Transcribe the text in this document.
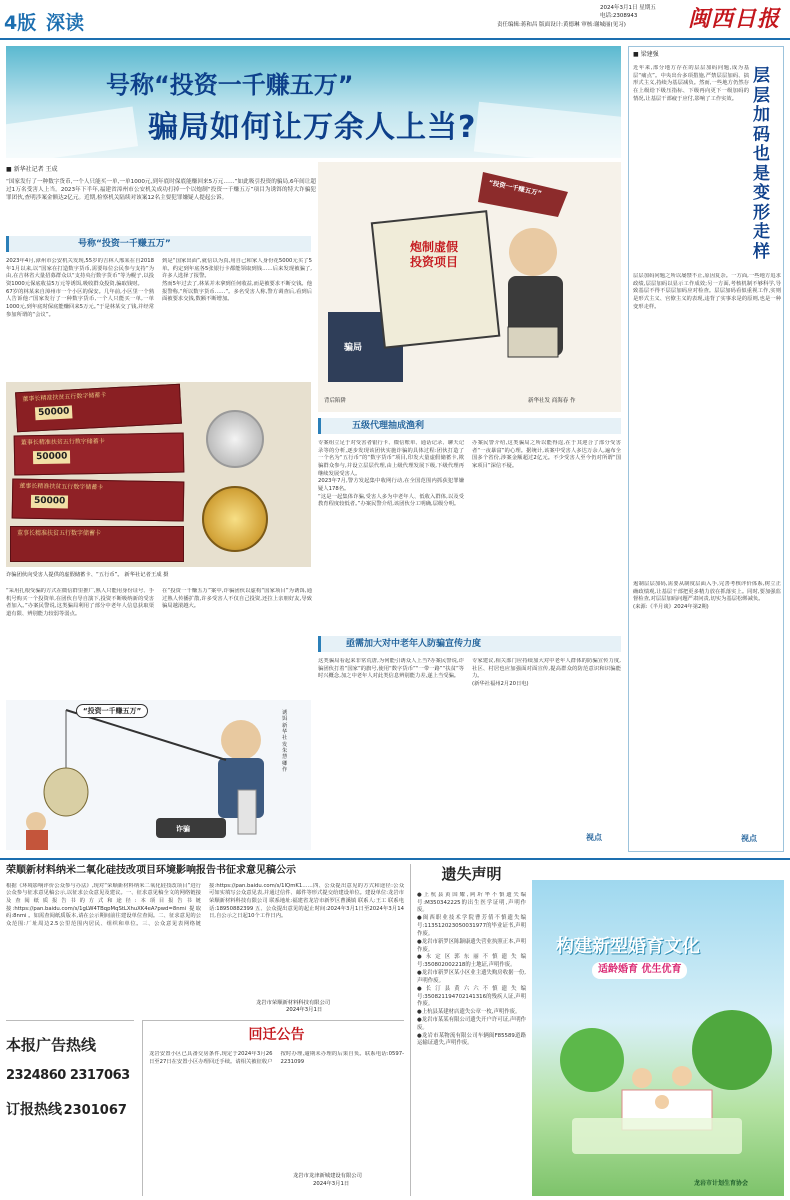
4版 深读
2024年3月1日 星期五
电话:2308943
责任编辑:蒋和昌 版面设计:黄德琳 审核:谢城丽(见习)	闽西日报
号称“投资一千赚五万”
骗局如何让万余人上当?
■ 新华社记者 王成
“国家发行了一种数字货币,一个人只能买一单,一单1000元,到年底时保底能赚回来5万元……”如此吸引投资的骗局,6年间让超过1万名受害人上当。2023年下半年,福建省漳州市公安机关成功打掉一个以炮制“投资一千赚五万”项目为诱饵的特大诈骗犯罪团伙,查明涉案金额达2亿元。近期,检察机关陆续对该案12名主要犯罪嫌疑人提起公诉。
号称“投资一千赚五万”

2023年4月,漳州市公安机关发现,55岁的吉林人邢某在自2018年1月以来,以“国家在打造数字货币,需要每位公民参与支持”为由,在吉林省大量招募群众以“支持央行数字货币”等为幌子,以投资1000元保底收益5万元等诱饵,吸收群众投资,骗取钱财。

67岁的林某来自漳州市一个小区的保安。几年前,小区里一个熟人告诉他:“国家发行了一种数字货币,一个人只能买一单,一单1000元,到年底时保底能赚回来5万元。”于是林某交了钱,并经常参加所谓的“会议”。

到是“国家出面”,就信以为真,用自己和家人身份花5000元买了5单。约定到年底各5张银行卡都能领取到钱……后来发现被骗了,许多人选择了报警。

然而5年过去了,林某并未拿到任何收益,而是被要求不断交钱。他报警称,“所以数字货币……”。多名受害人称,警方调查后,看到后面被要求交钱,数额不断增加。

董事长精准扶贫五行数字储蓄卡
50000
董事长精准扶贫五行数字储蓄卡
50000
董事长精准扶贫五行数字储蓄卡
50000
董事长精准扶贫五行数字储蓄卡
诈骗团伙向受害人提供的虚假储蓄卡、“五行币”。 新华社记者王成 摄

“采用扎根受骗的方式在微信群里推广,熟人只能用身份证号、手机号购买一个投资单,在团伙自导自演下,投资不断吸纳新的受害者加入。”办案民警说,这类骗局利用了部分中老年人信息获取渠道有限、辨别能力较弱等弱点。

在“投资一千赚五万”案中,诈骗团伙以虚构“国家项目”为诱饵,通过熟人传播扩散,许多受害人不仅自己投资,还拉上亲朋好友,导致骗局越滚越大。

“投资一千赚五万”
诈骗
诱饵 新华社发 朱慧卿 作
“投资一千赚五万”
炮制虚假投资项目
骗局
背后陷阱	新华社发 商海春 作
五级代理抽成渔利

专案组立足于对受害者银行卡、微信账单、通话记录、聊天记录等的分析,逐步发现该团伙实施诈骗的具体过程:团伙打造了一个名为“五行币”的“数字货币”项目,印发大量虚假储蓄卡,欺骗群众参与,并设立层层代理,由上级代理发展下级,下级代理再继续发展受害人。

2023年7月,警方发起集中收网行动,在全国范围内抓获犯罪嫌疑人178名。

“这是一起集体诈骗,受害人多为中老年人、低收入群体,以及受教育程度较低者。”办案民警介绍,该团伙分工明确,层级分明。

办案民警介绍,这类骗局之所以能得逞,在于其迎合了部分受害者“一夜暴富”的心理。据统计,该案中受害人多达万余人,遍布全国多个省份,涉案金额超过2亿元。不少受害人至今仍对所谓“国家项目”深信不疑。

亟需加大对中老年人防骗宣传力度

这类骗局看起来非常荒唐,为何能引诱众人上当?办案民警说,诈骗团伙打着“国家”的旗号,使用“数字货币”“一带一路”“扶贫”等时兴概念,加之中老年人对此类信息辨别能力差,遂上当受骗。

专家建议,相关部门应持续加大对中老年人群体的防骗宣传力度,社区、村居也应加强面对面宣传,提高群众的防范意识和识骗能力。

(新华社福州2月20日电)

视点
■ 梁建强
层层加码也是变形走样

近年来,部分地方存在的层层加码问题,成为基层“痛点”。中央出台多项措施,严禁层层加码、搞形式主义,持续为基层减负。然而,一些地方仍然存在上级给下级压指标、下级再向更下一级加码的情况,让基层干部疲于应付,影响了工作实效。

层层加码问题之所以屡禁不止,原因复杂。一方面,一些地方追求政绩,层层加码以显示工作成效;另一方面,考核机制不够科学,导致基层不得不层层加码应对检查。层层加码看似重视工作,实则是形式主义、官僚主义的表现,违背了实事求是的原则,也是一种变形走样。

遏制层层加码,需要从制度层面入手,完善考核评价体系,树立正确政绩观,让基层干部把更多精力放在抓落实上。同时,要加强监督检查,对层层加码问题严肃问责,切实为基层松绑减负。

(来源:《半月谈》2024年第2期)

视点
荣顺新材料纳米二氧化硅技改项目环境影响报告书征求意见稿公示
根据《环境影响评价公众参与办法》,现对“荣顺新材料纳米二氧化硅技改项目”进行公众参与征求意见稿公示,以征求公众意见及建议。一、征求意见稿全文的网络链接及查阅纸质报告书的方式和途径:本项目报告书链接:https://pan.baidu.com/s/1gLW4TBqpMqStLXhuXK4eA?pwd=8nmi 提取码:8nmi 。如需查阅纸质版本,请在公示期间前往建设单位查阅。二、征求意见的公众范围:厂址周边2.5公里范围内居民、组织和单位。三、公众意见表网络链接:https://pan.baidu.com/s/1IQmK1……四、公众提出意见的方式和途径:公众可如实填写公众意见表,并通过信件、邮件等形式提交给建设单位。建设单位:龙岩市荣顺新材料科技有限公司 联系地址:福建省龙岩市新罗区曹溪镇 联系人:王工 联系电话:18950882399 五、公众提出意见的起止时间:2024年3月1日至2024年3月14日,自公示之日起10个工作日内。
龙岩市荣顺新材料科技有限公司
2024年3月1日
本报广告热线
2324860 2317063
订报热线 2301067
回迁公告
龙岩安置小区已具备交房条件,现定于2024年3月26日至27日在安置小区办理回迁手续。请相关被征收户按时办理,逾期未办理的后果自负。联系电话:0597-2231099
龙岩市龙津新城建设有限公司
2024年3月1日
遗失声明

●上杭县黄国耀,阿圻华不慎遗失编号:M350342225的出生医学证明,声明作废。

●闽西职业技术学院曹芳倩不慎遗失编号:113512023050031977的毕业证书,声明作废。

●龙岩市新罗区陈颖康遗失营业执照正本,声明作废。

●永定区郭东丽不慎遗失编号:350802002218的土地证,声明作废。

●龙岩市新罗区某小区业主遗失购房收据一份,声明作废。

●长汀县黄六六不慎遗失编号:350821194702141316的残疾人证,声明作废。

●上杭县某建材店遗失公章一枚,声明作废。

●龙岩市某某有限公司遗失开户许可证,声明作废。

●龙岩市某物流有限公司车辆闽F85589道路运输证遗失,声明作废。

构建新型婚育文化
适龄婚育 优生优育
龙岩市计划生育协会
